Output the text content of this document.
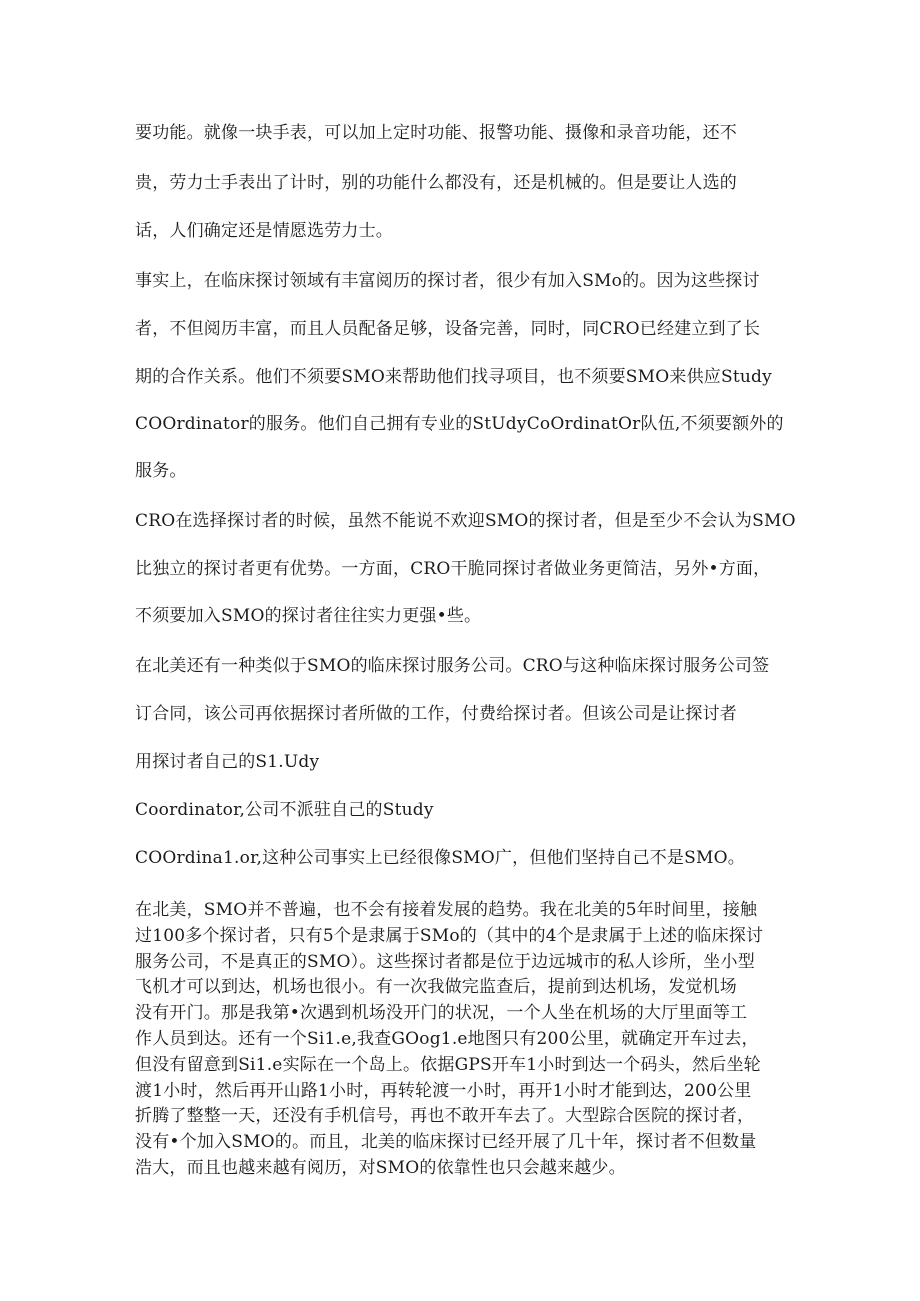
要功能。就像一块手表，可以加上定时功能、报警功能、摄像和录音功能，还不

贵，劳力士手表出了计时，别的功能什么都没有，还是机械的。但是要让人选的

话，人们确定还是情愿选劳力士。

事实上，在临床探讨领域有丰富阅历的探讨者，很少有加入SMo的。因为这些探讨

者，不但阅历丰富，而且人员配备足够，设备完善，同时，同CRO已经建立到了长

期的合作关系。他们不须要SMO来帮助他们找寻项目，也不须要SMO来供应Study

COOrdinator的服务。他们自己拥有专业的StUdyCoOrdinatOr队伍,不须要额外的

服务。

CRO在选择探讨者的时候，虽然不能说不欢迎SMO的探讨者，但是至少不会认为SMO

比独立的探讨者更有优势。一方面，CRO干脆同探讨者做业务更简洁，另外•方面，

不须要加入SMO的探讨者往往实力更强•些。

在北美还有一种类似于SMO的临床探讨服务公司。CRO与这种临床探讨服务公司签

订合同，该公司再依据探讨者所做的工作，付费给探讨者。但该公司是让探讨者

用探讨者自己的S1.Udy

Coordinator,公司不派驻自己的Study

COOrdina1.or,这种公司事实上已经很像SMO广，但他们坚持自己不是SMO。

在北美，SMO并不普遍，也不会有接着发展的趋势。我在北美的5年时间里，接触
过100多个探讨者，只有5个是隶属于SMo的（其中的4个是隶属于上述的临床探讨
服务公司，不是真正的SMO）。这些探讨者都是位于边远城市的私人诊所，坐小型
飞机才可以到达，机场也很小。有一次我做完监查后，提前到达机场，发觉机场
没有开门。那是我第•次遇到机场没开门的状况，一个人坐在机场的大厅里面等工
作人员到达。还有一个Si1.e,我查GOog1.e地图只有200公里，就确定开车过去，
但没有留意到Si1.e实际在一个岛上。依据GPS开车1小时到达一个码头，然后坐轮
渡1小时，然后再开山路1小时，再转轮渡一小时，再开1小时才能到达，200公里
折腾了整整一天，还没有手机信号，再也不敢开车去了。大型踪合医院的探讨者，
没有•个加入SMO的。而且，北美的临床探讨已经开展了几十年，探讨者不但数量
浩大，而且也越来越有阅历，对SMO的依靠性也只会越来越少。
